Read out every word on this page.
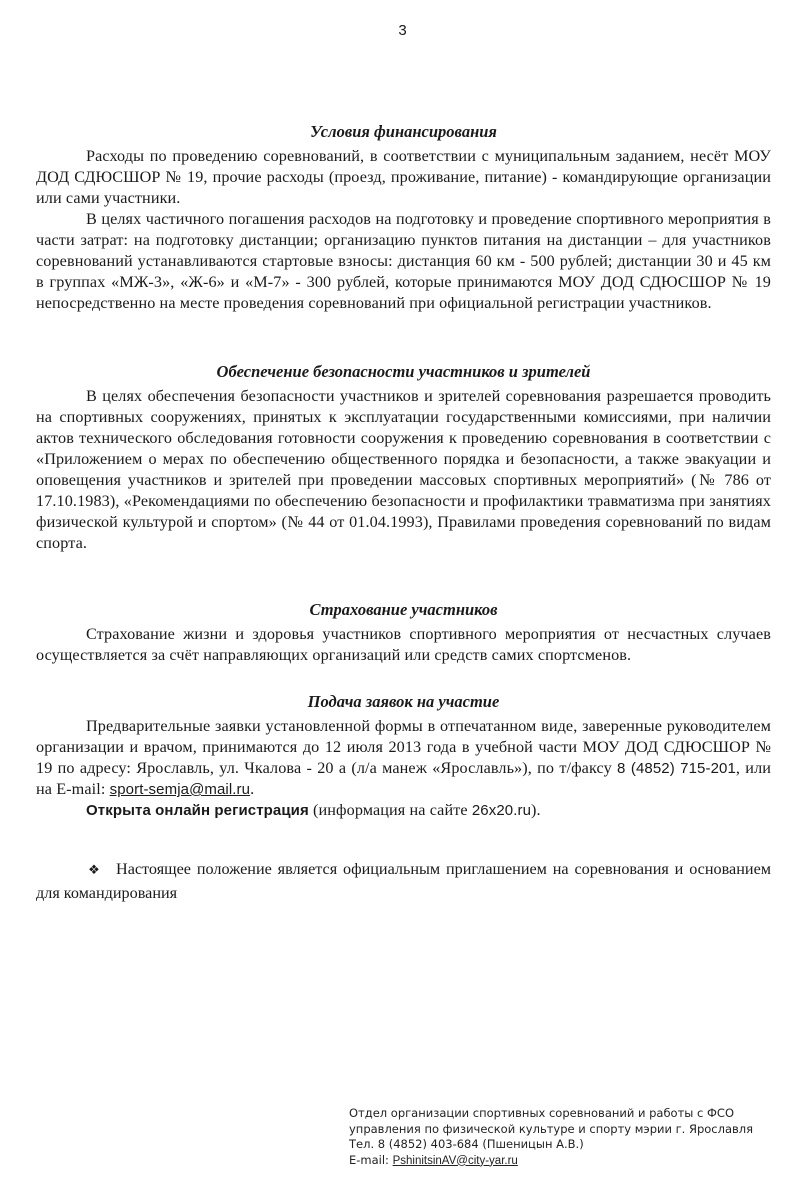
3
Условия финансирования

Расходы по проведению соревнований, в соответствии с муниципальным заданием, несёт МОУ ДОД СДЮСШОР № 19, прочие расходы (проезд, проживание, питание) - командирующие организации или сами участники.

В целях частичного погашения расходов на подготовку и проведение спортивного мероприятия в части затрат: на подготовку дистанции; организацию пунктов питания на дистанции – для участников соревнований устанавливаются стартовые взносы: дистанция 60 км - 500 рублей; дистанции 30 и 45 км в группах «МЖ-3», «Ж-6» и «М-7» - 300 рублей, которые принимаются МОУ ДОД СДЮСШОР № 19 непосредственно на месте проведения соревнований при официальной регистрации участников.

Обеспечение безопасности участников и зрителей

В целях обеспечения безопасности участников и зрителей соревнования разрешается проводить на спортивных сооружениях, принятых к эксплуатации государственными комиссиями, при наличии актов технического обследования готовности сооружения к проведению соревнования в соответствии с «Приложением о мерах по обеспечению общественного порядка и безопасности, а также эвакуации и оповещения участников и зрителей при проведении массовых спортивных мероприятий» (№ 786 от 17.10.1983), «Рекомендациями по обеспечению безопасности и профилактики травматизма при занятиях физической культурой и спортом» (№ 44 от 01.04.1993), Правилами проведения соревнований по видам спорта.

Страхование участников

Страхование жизни и здоровья участников спортивного мероприятия от несчастных случаев осуществляется за счёт направляющих организаций или средств самих спортсменов.

Подача заявок на участие

Предварительные заявки установленной формы в отпечатанном виде, заверенные руководителем организации и врачом, принимаются до 12 июля 2013 года в учебной части МОУ ДОД СДЮСШОР № 19 по адресу: Ярославль, ул. Чкалова - 20 а (л/а манеж «Ярославль»), по т/факсу 8 (4852) 715-201, или на E-mail: sport-semja@mail.ru.

Открыта онлайн регистрация (информация на сайте 26x20.ru).

❖ Настоящее положение является официальным приглашением на соревнования и основанием для командирования

Отдел организации спортивных соревнований и работы с ФСО
управления по физической культуре и спорту мэрии г. Ярославля
Тел. 8 (4852) 403-684 (Пшеницын А.В.)
E-mail: PshinitsinAV@city-yar.ru
